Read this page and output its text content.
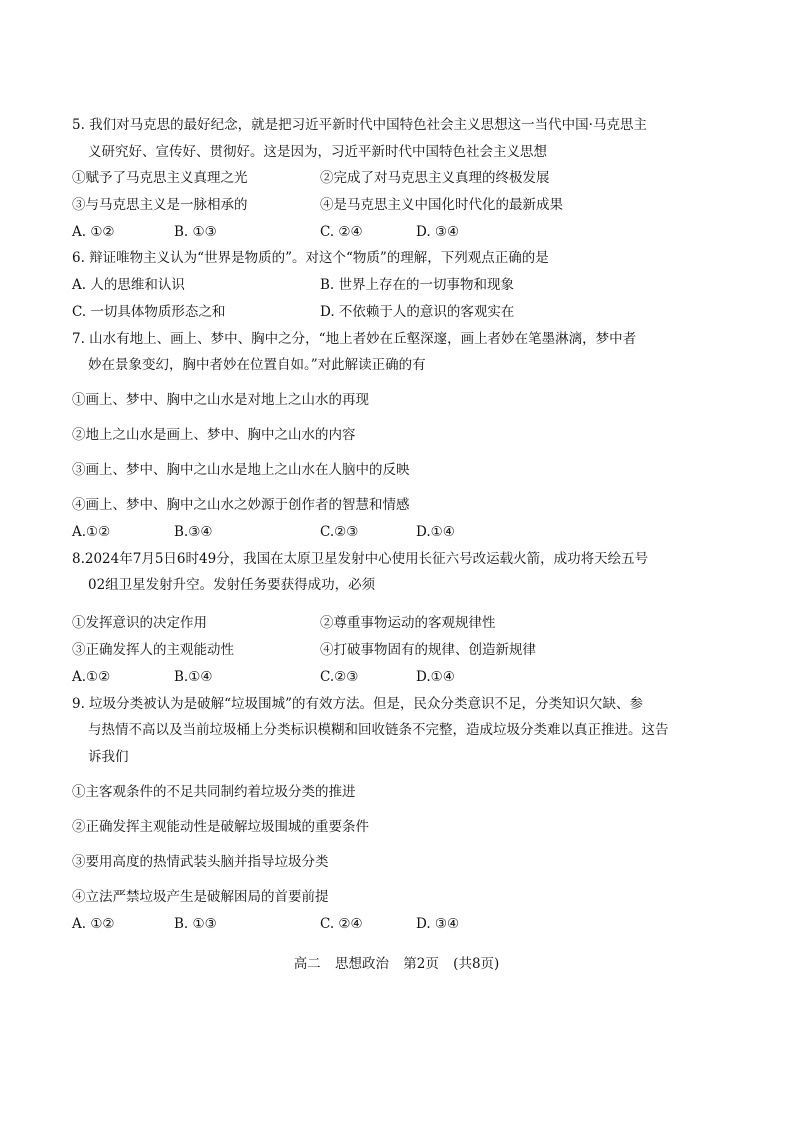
5. 我们对马克思的最好纪念，就是把习近平新时代中国特色社会主义思想这一当代中国·马克思主
义研究好、宣传好、贯彻好。这是因为，习近平新时代中国特色社会主义思想
①赋予了马克思主义真理之光	②完成了对马克思主义真理的终极发展
③与马克思主义是一脉相承的	④是马克思主义中国化时代化的最新成果
A. ①②	B. ①③	C. ②④	D. ③④
6. 辩证唯物主义认为“世界是物质的”。对这个“物质”的理解，下列观点正确的是
A. 人的思维和认识	B. 世界上存在的一切事物和现象
C. 一切具体物质形态之和	D. 不依赖于人的意识的客观实在
7. 山水有地上、画上、梦中、胸中之分，“地上者妙在丘壑深邃，画上者妙在笔墨淋漓，梦中者
妙在景象变幻，胸中者妙在位置自如。”对此解读正确的有
①画上、梦中、胸中之山水是对地上之山水的再现
②地上之山水是画上、梦中、胸中之山水的内容
③画上、梦中、胸中之山水是地上之山水在人脑中的反映
④画上、梦中、胸中之山水之妙源于创作者的智慧和情感
A.①②	B.③④	C.②③	D.①④
8.2024年7月5日6时49分，我国在太原卫星发射中心使用长征六号改运载火箭，成功将天绘五号
02组卫星发射升空。发射任务要获得成功，必须
①发挥意识的决定作用	②尊重事物运动的客观规律性
③正确发挥人的主观能动性	④打破事物固有的规律、创造新规律
A.①②	B.①④	C.②③	D.①④
9. 垃圾分类被认为是破解“垃圾围城”的有效方法。但是，民众分类意识不足，分类知识欠缺、参
与热情不高以及当前垃圾桶上分类标识模糊和回收链条不完整，造成垃圾分类难以真正推进。这告
诉我们
①主客观条件的不足共同制约着垃圾分类的推进
②正确发挥主观能动性是破解垃圾围城的重要条件
③要用高度的热情武装头脑并指导垃圾分类
④立法严禁垃圾产生是破解困局的首要前提
A. ①②	B. ①③	C. ②④	D. ③④
高二 思想政治 第2页 (共8页)
